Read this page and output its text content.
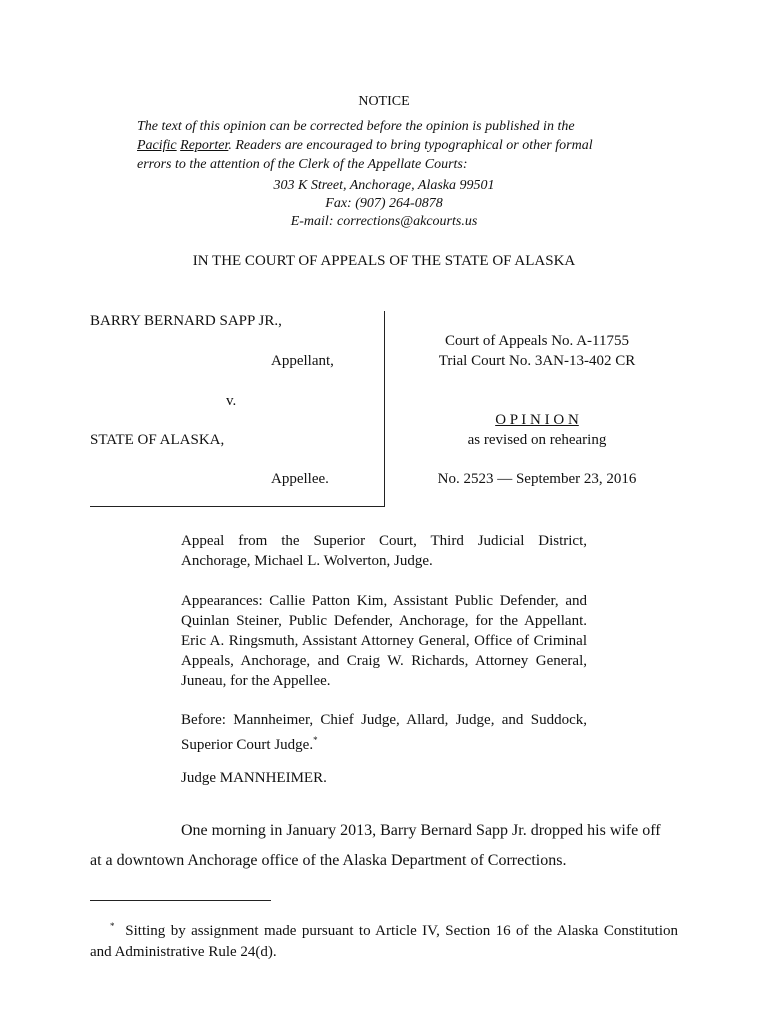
NOTICE
The text of this opinion can be corrected before the opinion is published in the
Pacific Reporter. Readers are encouraged to bring typographical or other formal
errors to the attention of the Clerk of the Appellate Courts:
303 K Street, Anchorage, Alaska 99501
Fax: (907) 264-0878
E-mail: corrections@akcourts.us
IN THE COURT OF APPEALS OF THE STATE OF ALASKA
BARRY BERNARD SAPP JR.,
Appellant,
v.
STATE OF ALASKA,
Appellee.
Court of Appeals No. A-11755
Trial Court No. 3AN-13-402 CR
O P I N I O N
as revised on rehearing
No. 2523 — September 23, 2016
Appeal from the Superior Court, Third Judicial District, Anchorage, Michael L. Wolverton, Judge.
Appearances: Callie Patton Kim, Assistant Public Defender, and Quinlan Steiner, Public Defender, Anchorage, for the Appellant. Eric A. Ringsmuth, Assistant Attorney General, Office of Criminal Appeals, Anchorage, and Craig W. Richards, Attorney General, Juneau, for the Appellee.
Before: Mannheimer, Chief Judge, Allard, Judge, and Suddock, Superior Court Judge.*
Judge MANNHEIMER.
One morning in January 2013, Barry Bernard Sapp Jr. dropped his wife off
at a downtown Anchorage office of the Alaska Department of Corrections.
* Sitting by assignment made pursuant to Article IV, Section 16 of the Alaska Constitution and Administrative Rule 24(d).
